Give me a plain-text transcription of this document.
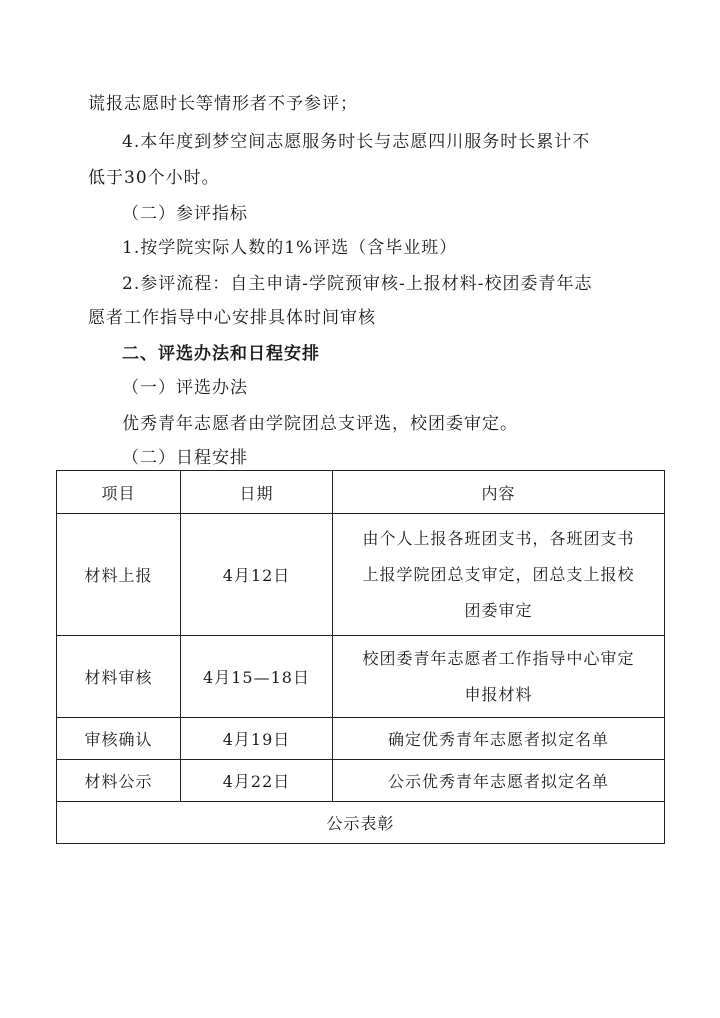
谎报志愿时长等情形者不予参评；
4.本年度到梦空间志愿服务时长与志愿四川服务时长累计不
低于30个小时。
（二）参评指标
1.按学院实际人数的1%评选（含毕业班）
2.参评流程：自主申请-学院预审核-上报材料-校团委青年志
愿者工作指导中心安排具体时间审核
二、评选办法和日程安排
（一）评选办法
优秀青年志愿者由学院团总支评选，校团委审定。
（二）日程安排
项目	日期	内容
材料上报	4月12日	由个人上报各班团支书，各班团支书
上报学院团总支审定，团总支上报校
团委审定

材料审核	4月15—18日	校团委青年志愿者工作指导中心审定
申报材料

审核确认	4月19日	确定优秀青年志愿者拟定名单
材料公示	4月22日	公示优秀青年志愿者拟定名单
公示表彰		
